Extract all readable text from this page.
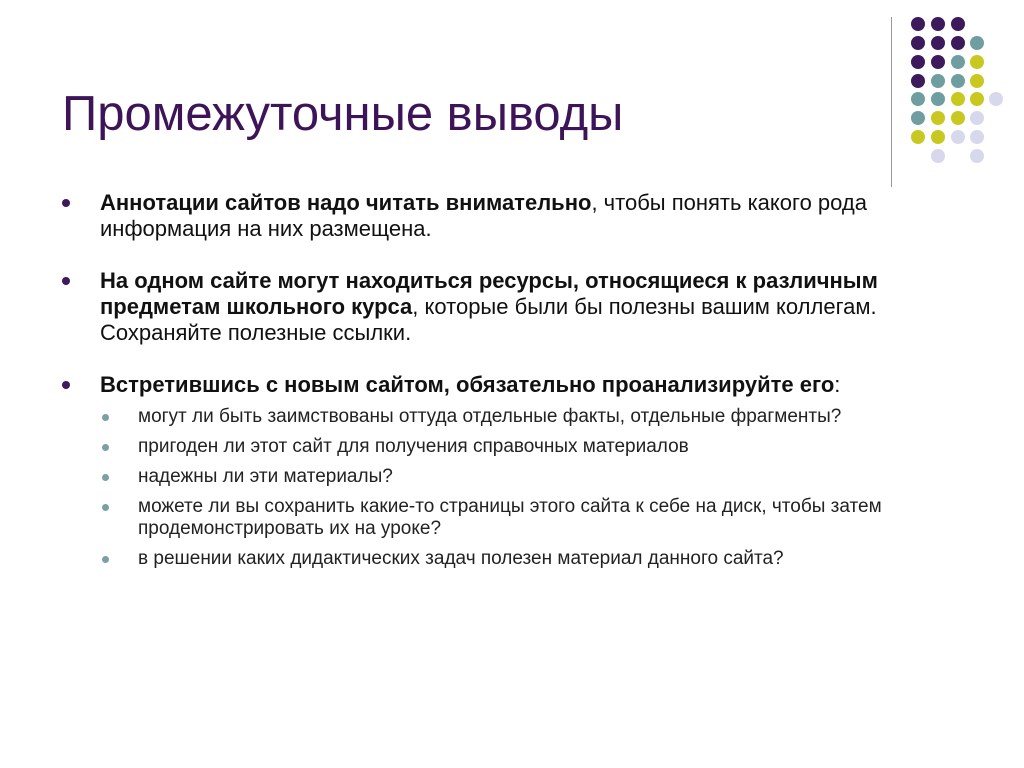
Промежуточные выводы
Аннотации сайтов надо читать внимательно, чтобы понять какого рода информация на них размещена.
На одном сайте могут находиться ресурсы, относящиеся к различным предметам школьного курса, которые были бы полезны вашим коллегам. Сохраняйте полезные ссылки.
Встретившись с новым сайтом, обязательно проанализируйте его:
могут ли быть заимствованы оттуда отдельные факты, отдельные фрагменты?
пригоден ли этот сайт для получения справочных материалов
надежны ли эти материалы?
можете ли вы сохранить какие-то страницы этого сайта к себе на диск, чтобы затем продемонстрировать их на уроке?
в решении каких дидактических задач полезен материал данного сайта?
